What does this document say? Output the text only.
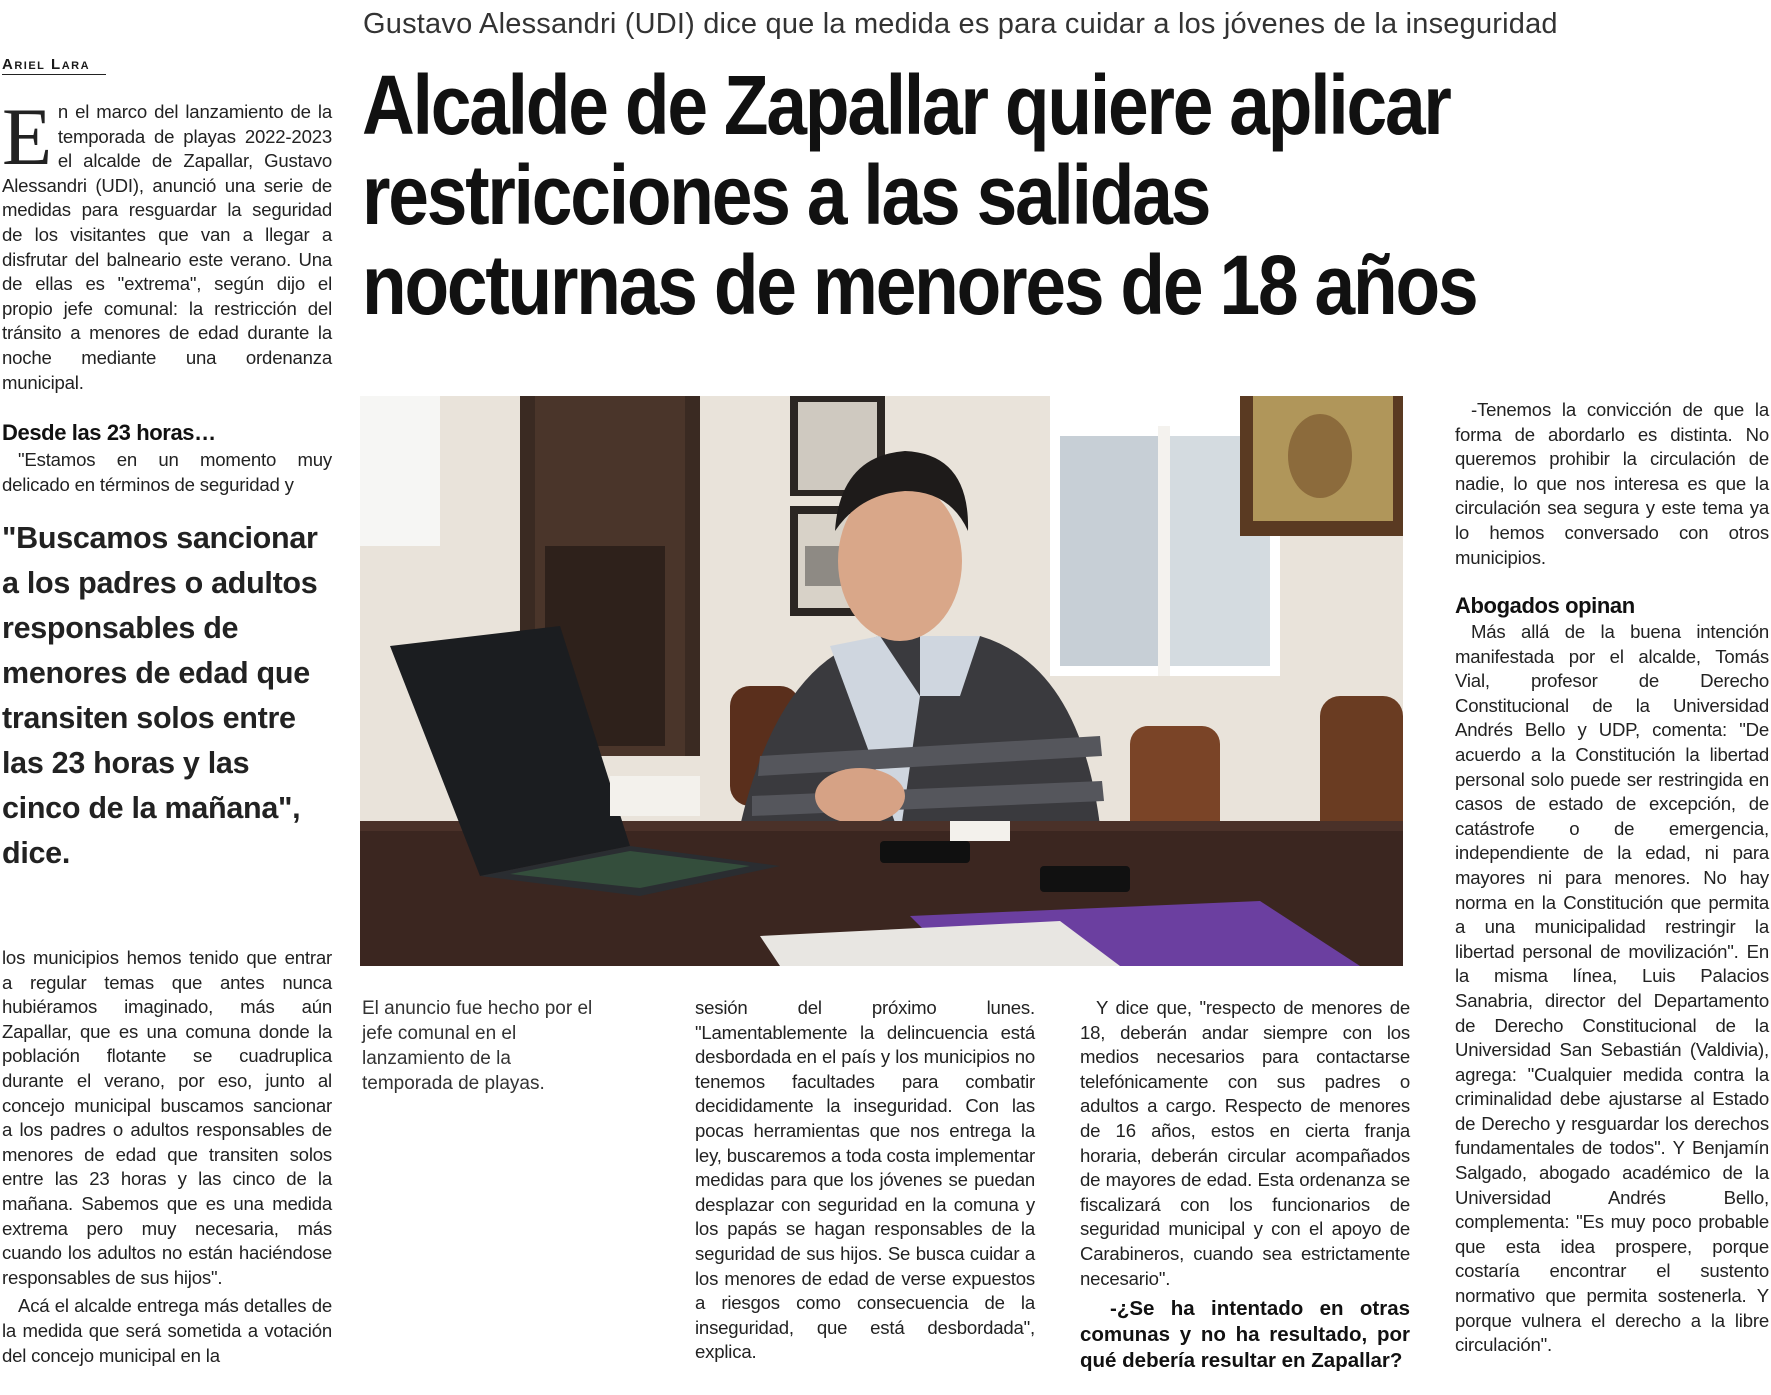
Gustavo Alessandri (UDI) dice que la medida es para cuidar a los jóvenes de la inseguridad
Ariel Lara	Alcalde de Zapallar quiere aplicar
restricciones a las salidas
nocturnas de menores de 18 años

En el marco del lanzamiento de la temporada de playas 2022-2023 el alcalde de Zapallar, Gustavo Alessandri (UDI), anunció una serie de medidas para resguardar la seguridad de los visitantes que van a llegar a disfrutar del balneario este verano. Una de ellas es "extrema", según dijo el propio jefe comunal: la restricción del tránsito a menores de edad durante la noche mediante una ordenanza municipal.

Desde las 23 horas…

"Estamos en un momento muy delicado en términos de seguridad y

"Buscamos sancionar a los padres o adultos responsables de menores de edad que transiten solos entre las 23 horas y las cinco de la mañana", dice.

los municipios hemos tenido que entrar a regular temas que antes nunca hubiéramos imaginado, más aún Zapallar, que es una comuna donde la población flotante se cuadruplica durante el verano, por eso, junto al concejo municipal buscamos sancionar a los padres o adultos responsables de menores de edad que transiten solos entre las 23 horas y las cinco de la mañana. Sabemos que es una medida extrema pero muy necesaria, más cuando los adultos no están haciéndose responsables de sus hijos".

Acá el alcalde entrega más detalles de la medida que será sometida a votación del concejo municipal en la

El anuncio fue hecho por el jefe comunal en el lanzamiento de la temporada de playas.

sesión del próximo lunes. "Lamentablemente la delincuencia está desbordada en el país y los municipios no tenemos facultades para combatir decididamente la inseguridad. Con las pocas herramientas que nos entrega la ley, buscaremos a toda costa implementar medidas para que los jóvenes se puedan desplazar con seguridad en la comuna y los papás se hagan responsables de la seguridad de sus hijos. Se busca cuidar a los menores de edad de verse expuestos a riesgos como consecuencia de la inseguridad, que está desbordada", explica.

Y dice que, "respecto de menores de 18, deberán andar siempre con los medios necesarios para contactarse telefónicamente con sus padres o adultos a cargo. Respecto de menores de 16 años, estos en cierta franja horaria, deberán circular acompañados de mayores de edad. Esta ordenanza se fiscalizará con los funcionarios de seguridad municipal y con el apoyo de Carabineros, cuando sea estrictamente necesario".

-¿Se ha intentado en otras comunas y no ha resultado, por qué debería resultar en Zapallar?

-Tenemos la convicción de que la forma de abordarlo es distinta. No queremos prohibir la circulación de nadie, lo que nos interesa es que la circulación sea segura y este tema ya lo hemos conversado con otros municipios.

Abogados opinan

Más allá de la buena intención manifestada por el alcalde, Tomás Vial, profesor de Derecho Constitucional de la Universidad Andrés Bello y UDP, comenta: "De acuerdo a la Constitución la libertad personal solo puede ser restringida en casos de estado de excepción, de catástrofe o de emergencia, independiente de la edad, ni para mayores ni para menores. No hay norma en la Constitución que permita a una municipalidad restringir la libertad personal de movilización". En la misma línea, Luis Palacios Sanabria, director del Departamento de Derecho Constitucional de la Universidad San Sebastián (Valdivia), agrega: "Cualquier medida contra la criminalidad debe ajustarse al Estado de Derecho y resguardar los derechos fundamentales de todos". Y Benjamín Salgado, abogado académico de la Universidad Andrés Bello, complementa: "Es muy poco probable que esta idea prospere, porque costaría encontrar el sustento normativo que permita sostenerla. Y porque vulnera el derecho a la libre circulación".
